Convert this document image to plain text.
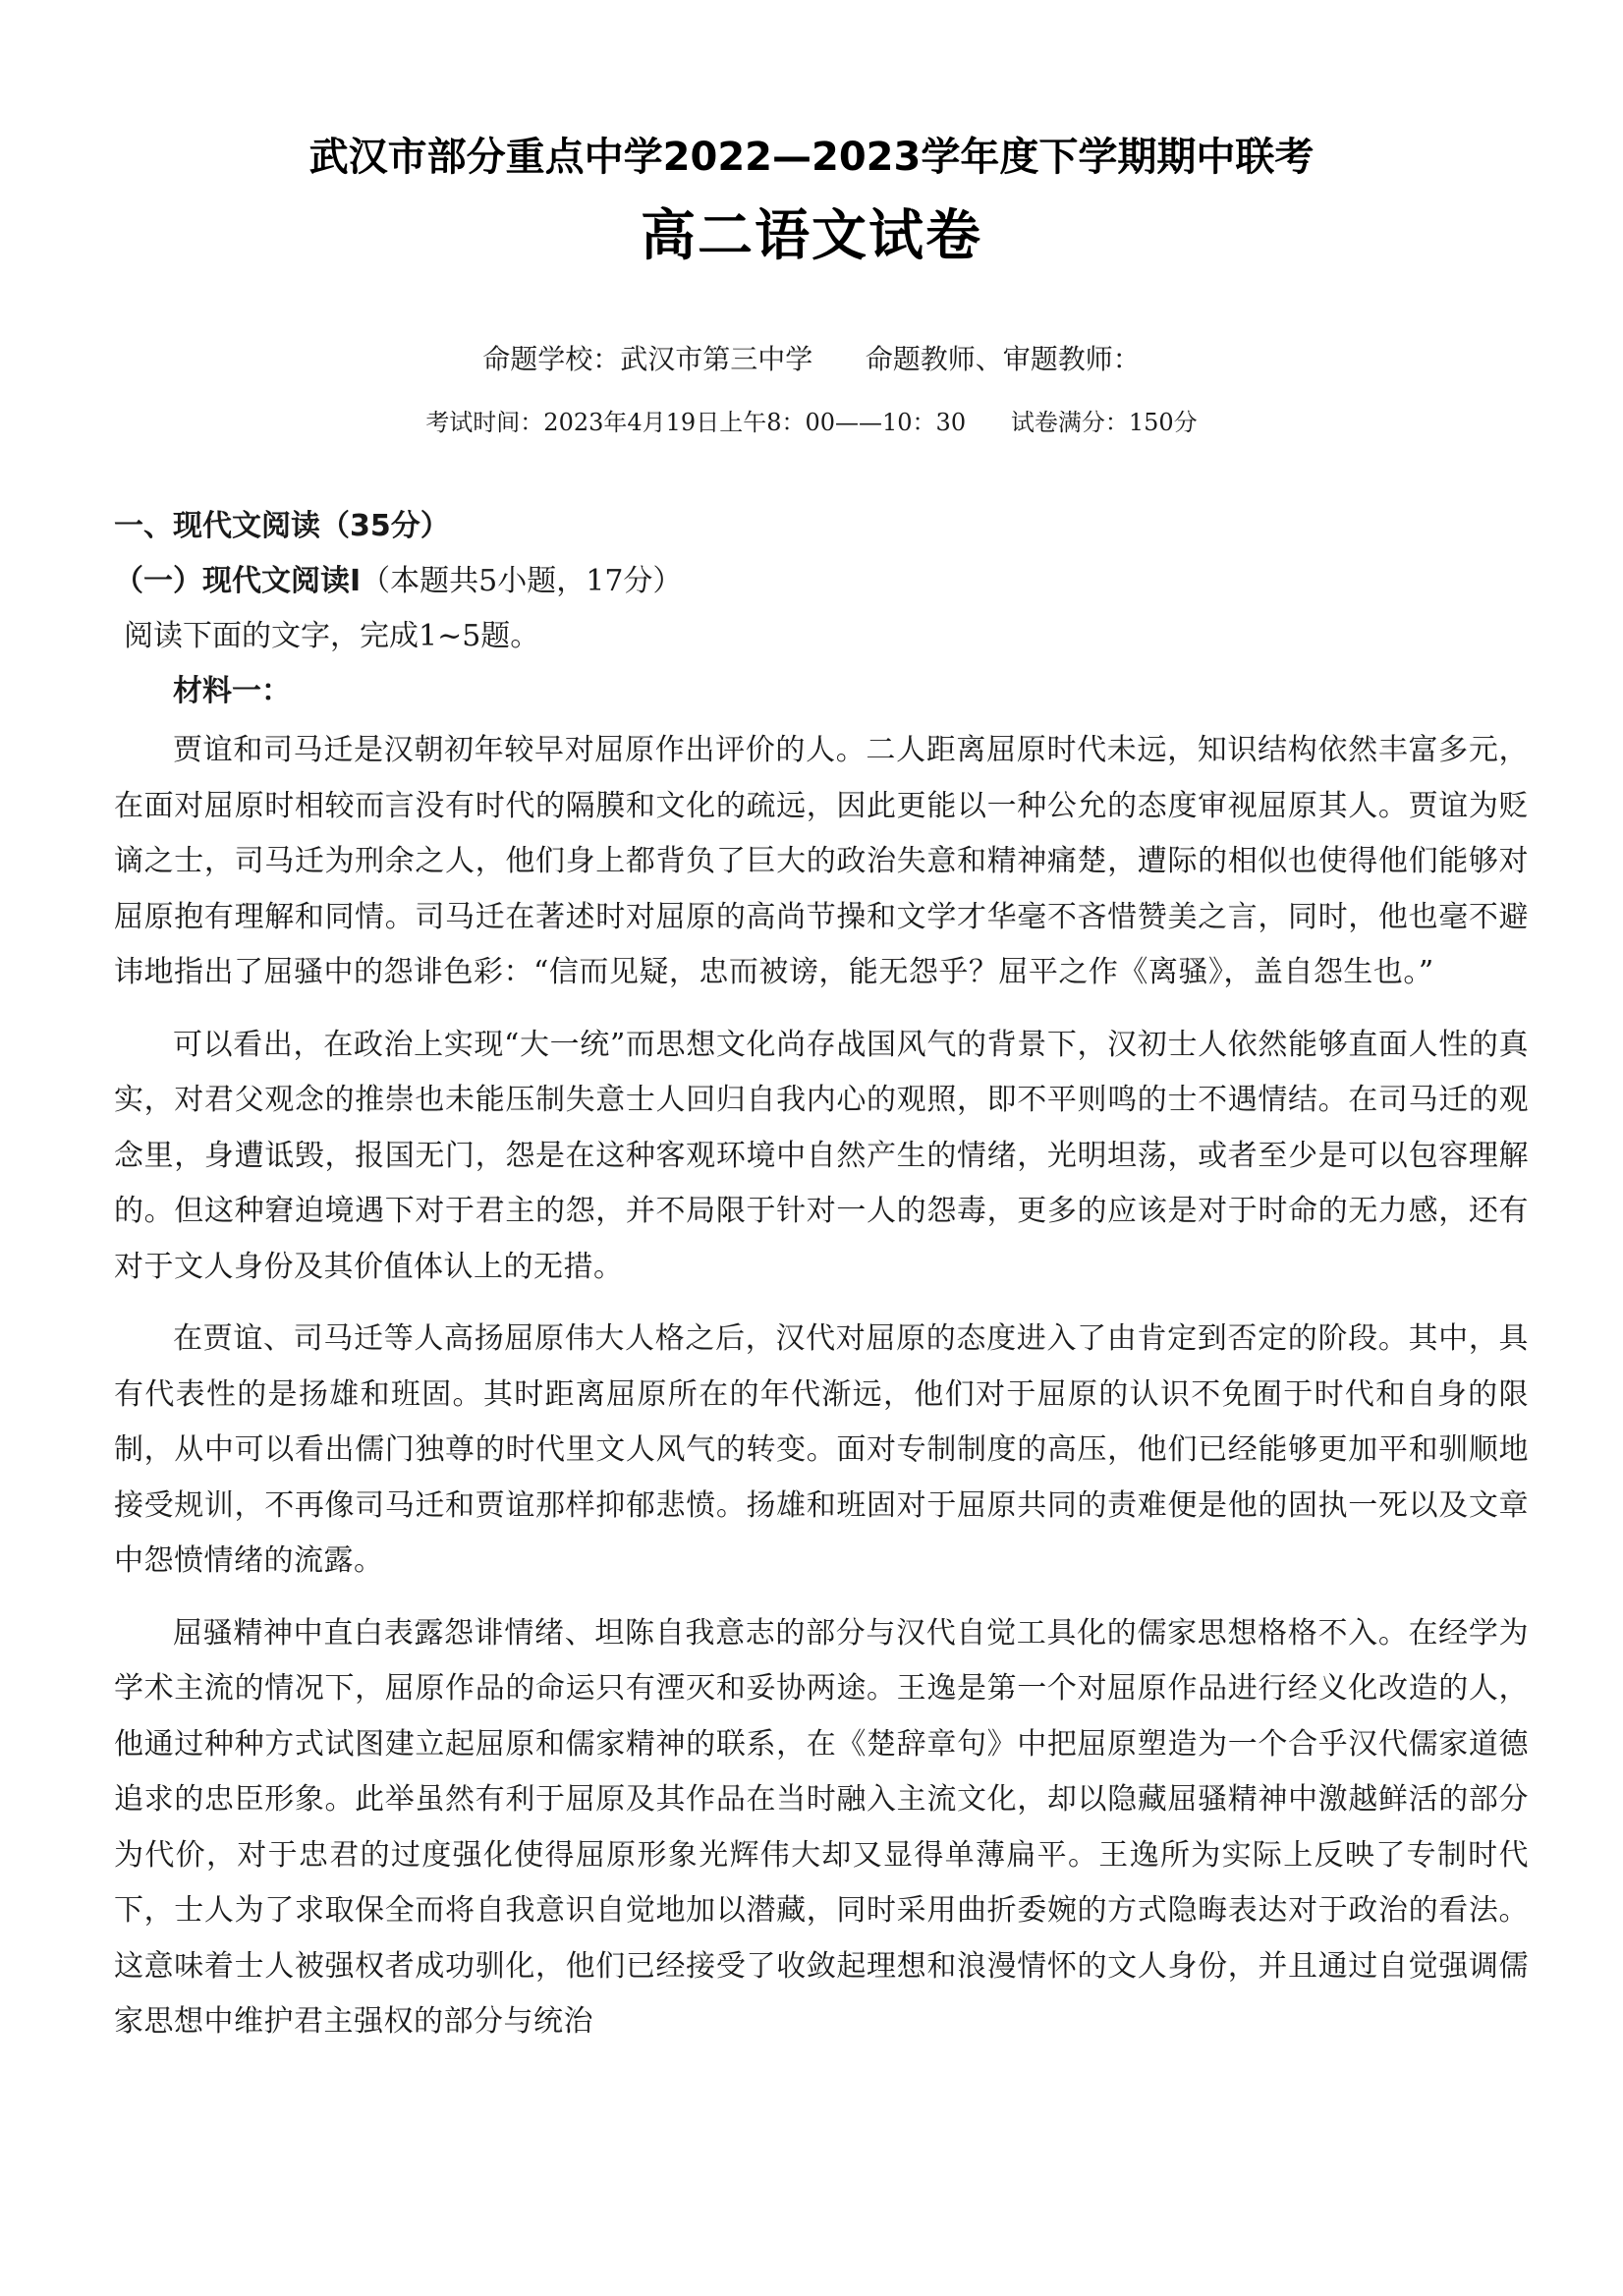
武汉市部分重点中学2022—2023学年度下学期期中联考
高二语文试卷

命题学校：武汉市第三中学      命题教师、审题教师：

考试时间：2023年4月19日上午8：00——10：30      试卷满分：150分

一、现代文阅读（35分）

（一）现代文阅读Ⅰ（本题共5小题，17分）

阅读下面的文字，完成1~5题。

材料一：

贾谊和司马迁是汉朝初年较早对屈原作出评价的人。二人距离屈原时代未远，知识结构依然丰富多元，在面对屈原时相较而言没有时代的隔膜和文化的疏远，因此更能以一种公允的态度审视屈原其人。贾谊为贬谪之士，司马迁为刑余之人，他们身上都背负了巨大的政治失意和精神痛楚，遭际的相似也使得他们能够对屈原抱有理解和同情。司马迁在著述时对屈原的高尚节操和文学才华毫不吝惜赞美之言，同时，他也毫不避讳地指出了屈骚中的怨诽色彩：“信而见疑，忠而被谤，能无怨乎？屈平之作《离骚》，盖自怨生也。”

可以看出，在政治上实现“大一统”而思想文化尚存战国风气的背景下，汉初士人依然能够直面人性的真实，对君父观念的推崇也未能压制失意士人回归自我内心的观照，即不平则鸣的士不遇情结。在司马迁的观念里，身遭诋毁，报国无门，怨是在这种客观环境中自然产生的情绪，光明坦荡，或者至少是可以包容理解的。但这种窘迫境遇下对于君主的怨，并不局限于针对一人的怨毒，更多的应该是对于时命的无力感，还有对于文人身份及其价值体认上的无措。

在贾谊、司马迁等人高扬屈原伟大人格之后，汉代对屈原的态度进入了由肯定到否定的阶段。其中，具有代表性的是扬雄和班固。其时距离屈原所在的年代渐远，他们对于屈原的认识不免囿于时代和自身的限制，从中可以看出儒门独尊的时代里文人风气的转变。面对专制制度的高压，他们已经能够更加平和驯顺地接受规训，不再像司马迁和贾谊那样抑郁悲愤。扬雄和班固对于屈原共同的责难便是他的固执一死以及文章中怨愤情绪的流露。

屈骚精神中直白表露怨诽情绪、坦陈自我意志的部分与汉代自觉工具化的儒家思想格格不入。在经学为学术主流的情况下，屈原作品的命运只有湮灭和妥协两途。王逸是第一个对屈原作品进行经义化改造的人，他通过种种方式试图建立起屈原和儒家精神的联系，在《楚辞章句》中把屈原塑造为一个合乎汉代儒家道德追求的忠臣形象。此举虽然有利于屈原及其作品在当时融入主流文化，却以隐藏屈骚精神中激越鲜活的部分为代价，对于忠君的过度强化使得屈原形象光辉伟大却又显得单薄扁平。王逸所为实际上反映了专制时代下，士人为了求取保全而将自我意识自觉地加以潜藏，同时采用曲折委婉的方式隐晦表达对于政治的看法。这意味着士人被强权者成功驯化，他们已经接受了收敛起理想和浪漫情怀的文人身份，并且通过自觉强调儒家思想中维护君主强权的部分与统治
